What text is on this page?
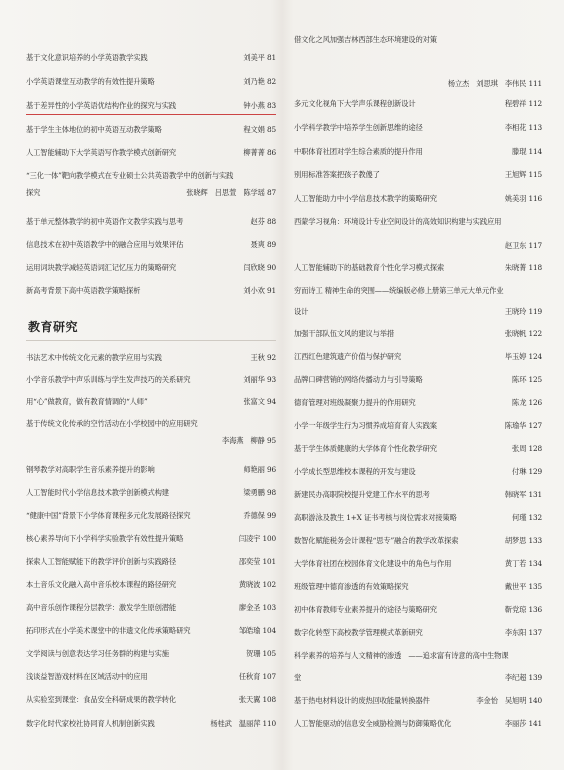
基于文化意识培养的小学英语教学实践	刘美平 81
小学英语课堂互动教学的有效性提升策略	刘乃艳 82
基于差异性的小学英语优结构作业的探究与实践	钟小燕 83
基于学生主体地位的初中英语互动教学策略	程文娟 85
人工智能辅助下大学英语写作教学模式创新研究	柳菁菁 86
“三化一体”靶向教学模式在专业硕士公共英语教学中的创新与实践
探究	张晓辉　吕思萱　陈学瑶 87
基于单元整体教学的初中英语作文教学实践与思考	赵芬 88
信息技术在初中英语教学中的融合应用与效果评估	聂爽 89
运用词块教学减轻英语词汇记忆压力的策略研究	闫欣晓 90
新高考背景下高中英语教学策略探析	刘小欢 91
教育研究
书法艺术中传统文化元素的教学应用与实践	王秋 92
小学音乐教学中声乐训练与学生发声技巧的关系研究	刘丽华 93
用“心”做教育，做有教育情调的“人师”	张富文 94
基于传统文化传承的空竹活动在小学校园中的应用研究
李海燕　柳静 95
钢琴教学对高职学生音乐素养提升的影响	师艳丽 96
人工智能时代小学信息技术教学创新模式构建	梁勇鹏 98
“健康中国”背景下小学体育课程多元化发展路径探究	乔德保 99
核心素养导向下小学科学实验教学有效性提升策略	闫凌宇 100
探索人工智能赋能下的教学评价创新与实践路径	邵奕莹 101
本土音乐文化融入高中音乐校本课程的路径研究	黄晓波 102
高中音乐创作课程分层教学：激发学生原创潜能	廖金圣 103
拓印形式在小学美术课堂中的非遗文化传承策略研究	邹皓瑜 104
文学阅读与创意表达学习任务群的构建与实施	贺珊 105
浅谈益智游戏材料在区域活动中的应用	任秋育 107
从实验室到课堂：食品安全科研成果的教学转化	张天翼 108
数字化时代家校社协同育人机制创新实践	杨桂武　温丽萍 110
借文化之风加强吉林西部生态环境建设的对策
杨立杰　刘思琪　李伟民 111
多元文化视角下大学声乐课程创新设计	程碧祥 112
小学科学教学中培养学生创新思维的途径	李相花 113
中职体育社团对学生综合素质的提升作用	滕琨 114
别用标准答案把孩子教傻了	王旭辉 115
人工智能助力中小学信息技术教学的策略研究	姚美羽 116
西蒙学习视角：环境设计专业空间设计的高效知识构建与实践应用
赵卫东 117
人工智能辅助下的基础教育个性化学习模式探索	朱晓菁 118
穷而诗工 精神生命的突围——统编版必修上册第三单元大单元作业
设计	王晓玲 119
加强干部队伍文风的建议与举措	张晓帆 122
江西红色建筑遗产价值与保护研究	毕玉婷 124
品牌口碑营销的网络传播动力与引导策略	陈环 125
德育管理对班级凝聚力提升的作用研究	陈龙 126
小学一年级学生行为习惯养成培育育人实践案	陈瑜华 127
基于学生体质健康的大学体育个性化教学研究	张周 128
小学成长型思维校本课程的开发与建设	付琳 129
新建民办高职院校提升党建工作水平的思考	韩晓军 131
高职游泳及教生 1+X 证书考核与岗位需求对接策略	何瑾 132
数智化赋能税务会计课程“思专”融合的教学改革探索	胡梦思 133
大学体育社团在校园体育文化建设中的角色与作用	黄丁若 134
班级管理中德育渗透的有效策略探究	戴世平 135
初中体育教师专业素养提升的途径与策略研究	靳党琼 136
数字化转型下高校教学管理模式革新研究	李东阳 137
科学素养的培养与人文精神的渗透　——追求富有诗意的高中生物课
堂	李纪超 139
基于热电材料设计的废热回收能量转换器件	李金怡　吴旭明 140
人工智能驱动的信息安全威胁检测与防御策略优化	李丽莎 141
